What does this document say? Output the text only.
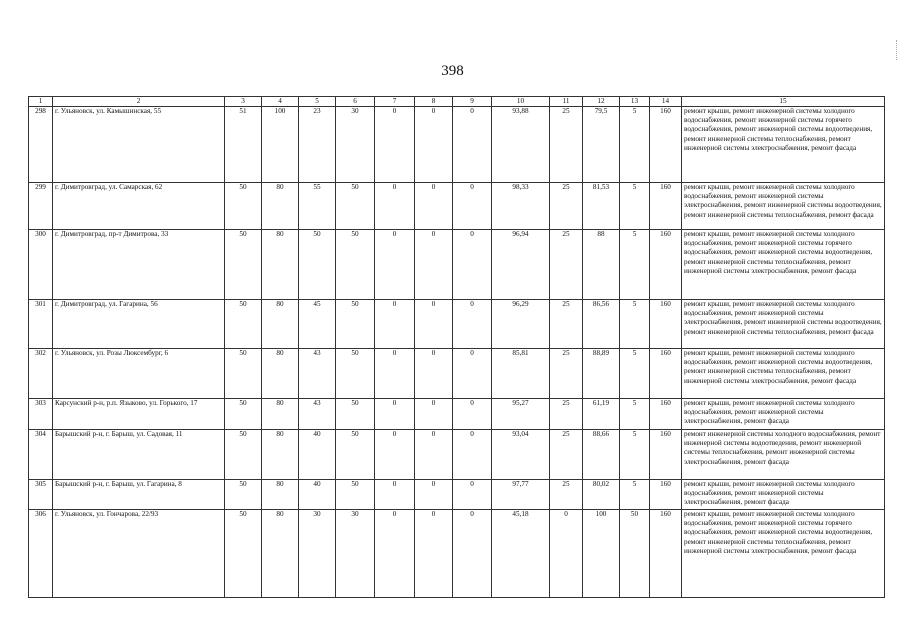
398
1	2	3	4	5	6	7	8	9	10	11	12	13	14	15
298	г. Ульяновск, ул. Камышинская, 55	51	100	23	30	0	0	0	93,88	25	79,5	5	160	ремонт крыши, ремонт инженерной системы холодного водоснабжения, ремонт инженерной системы горячего водоснабжения, ремонт инженерной системы водоотведения, ремонт инженерной системы теплоснабжения, ремонт инженерной системы электроснабжения, ремонт фасада
299	г. Димитровград, ул. Самарская, 62	50	80	55	50	0	0	0	98,33	25	81,53	5	160	ремонт крыши, ремонт инженерной системы холодного водоснабжения, ремонт инженерной системы электроснабжения, ремонт инженерной системы водоотведения, ремонт инженерной системы теплоснабжения, ремонт фасада
300	г. Димитровград, пр-т Димитрова, 33	50	80	50	50	0	0	0	96,94	25	88	5	160	ремонт крыши, ремонт инженерной системы холодного водоснабжения, ремонт инженерной системы горячего водоснабжения, ремонт инженерной системы водоотведения, ремонт инженерной системы теплоснабжения, ремонт инженерной системы электроснабжения, ремонт фасада
301	г. Димитровград, ул. Гагарина, 56	50	80	45	50	0	0	0	96,29	25	86,56	5	160	ремонт крыши, ремонт инженерной системы холодного водоснабжения, ремонт инженерной системы электроснабжения, ремонт инженерной системы водоотведения, ремонт инженерной системы теплоснабжения, ремонт фасада
302	г. Ульяновск, ул. Розы Люксембург, 6	50	80	43	50	0	0	0	85,81	25	88,89	5	160	ремонт крыши, ремонт инженерной системы холодного водоснабжения, ремонт инженерной системы водоотведения, ремонт инженерной системы теплоснабжения, ремонт инженерной системы электроснабжения, ремонт фасада
303	Карсунский р-н, р.п. Языково, ул. Горького, 17	50	80	43	50	0	0	0	95,27	25	61,19	5	160	ремонт крыши, ремонт инженерной системы холодного водоснабжения, ремонт инженерной системы электроснабжения, ремонт фасада
304	Барышский р-н, г. Барыш, ул. Садовая, 11	50	80	40	50	0	0	0	93,04	25	88,66	5	160	ремонт инженерной системы холодного водоснабжения, ремонт инженерной системы водоотведения, ремонт инженерной системы теплоснабжения, ремонт инженерной системы электроснабжения, ремонт фасада
305	Барышский р-н, г. Барыш, ул. Гагарина, 8	50	80	40	50	0	0	0	97,77	25	80,02	5	160	ремонт крыши, ремонт инженерной системы холодного водоснабжения, ремонт инженерной системы электроснабжения, ремонт фасада
306	г. Ульяновск, ул. Гончарова, 22/93	50	80	30	30	0	0	0	45,18	0	100	50	160	ремонт крыши, ремонт инженерной системы холодного водоснабжения, ремонт инженерной системы горячего водоснабжения, ремонт инженерной системы водоотведения, ремонт инженерной системы теплоснабжения, ремонт инженерной системы электроснабжения, ремонт фасада
